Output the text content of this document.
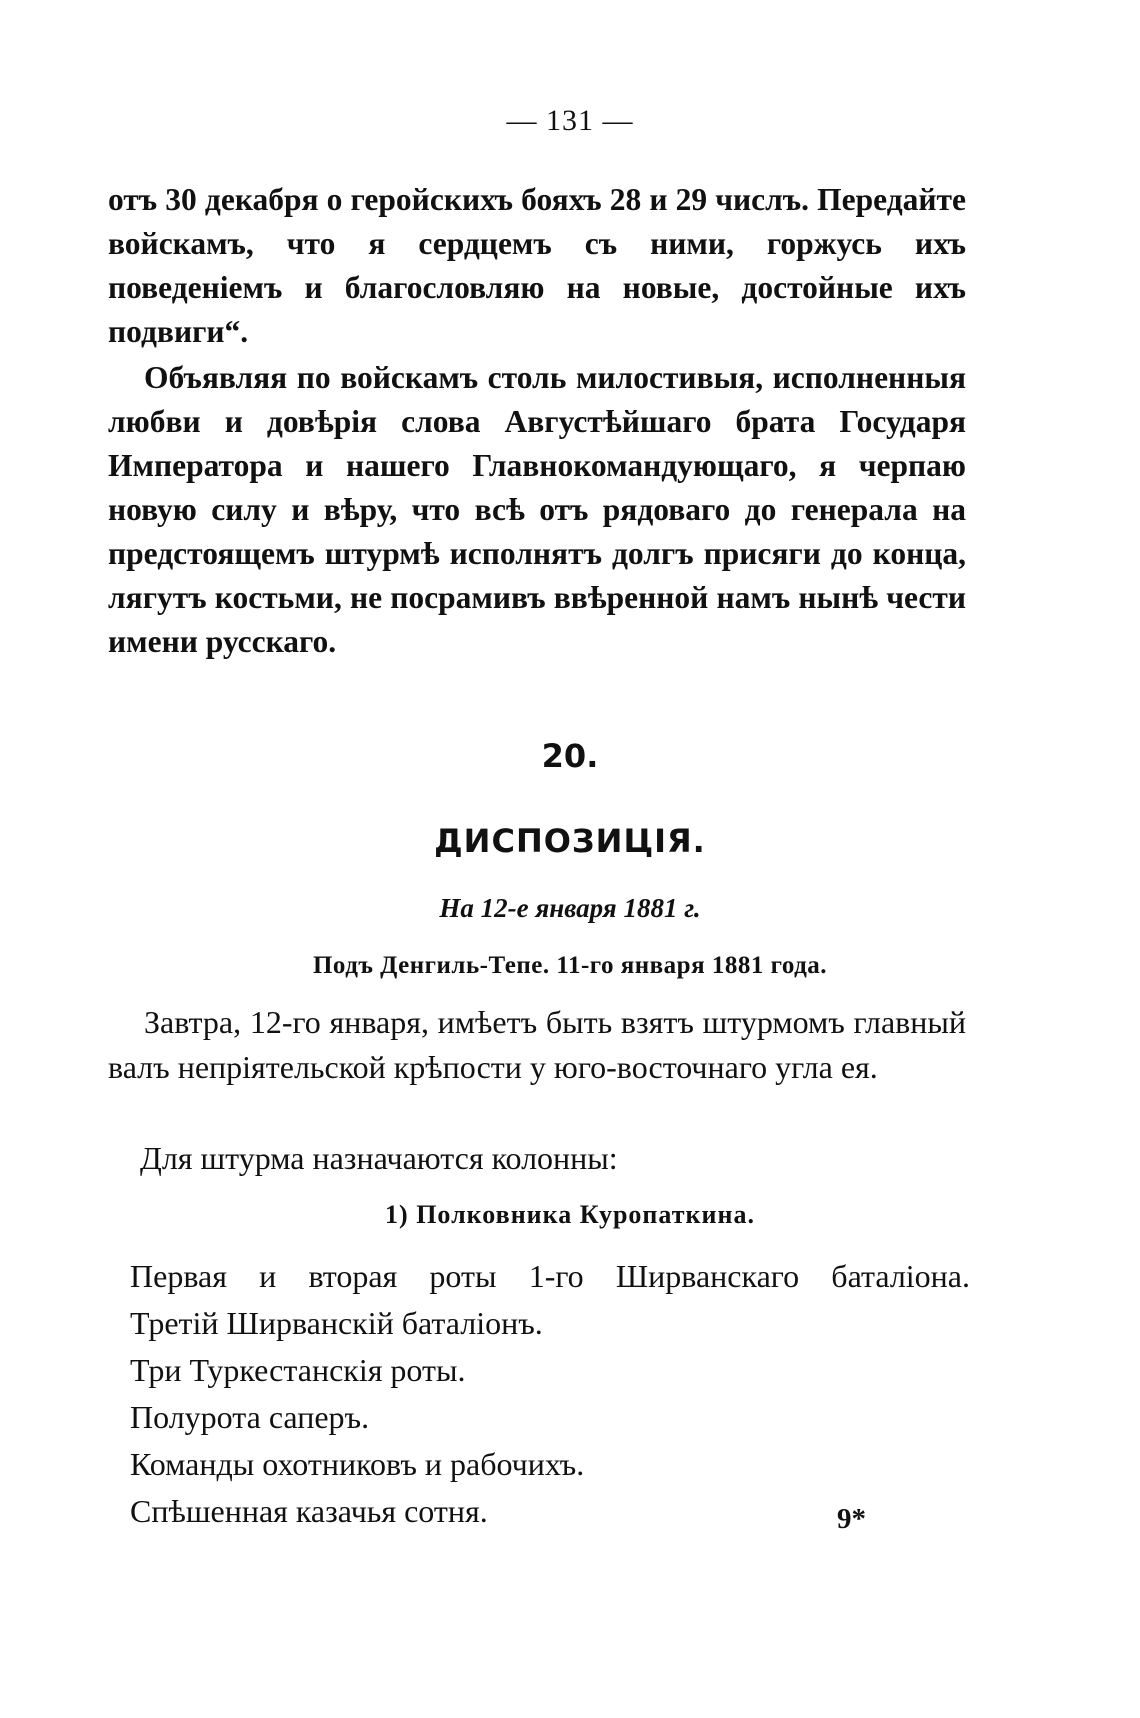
— 131 —
отъ 30 декабря о геройскихъ бояхъ 28 и 29 числъ. Передайте войскамъ, что я сердцемъ съ ними, горжусь ихъ поведеніемъ и благословляю на новые, достойные ихъ подвиги“.
Объявляя по войскамъ столь милостивыя, исполненныя любви и довѣрія слова Августѣйшаго брата Государя Императора и нашего Главнокомандующаго, я черпаю новую силу и вѣру, что всѣ отъ рядоваго до генерала на предстоящемъ штурмѣ исполнятъ долгъ присяги до конца, лягутъ костьми, не посрамивъ ввѣренной намъ нынѣ чести имени русскаго.
20.
ДИСПОЗИЦІЯ.
На 12-е января 1881 г.
Подъ Денгиль-Тепе. 11-го января 1881 года.
Завтра, 12-го января, имѣетъ быть взятъ штурмомъ главный валъ непріятельской крѣпости у юго-восточнаго угла ея.
Для штурма назначаются колонны:
1) Полковника Куропаткина.
Первая и вторая роты 1-го Ширванскаго баталіона.
Третій Ширванскій баталіонъ.
Три Туркестанскія роты.
Полурота саперъ.
Команды охотниковъ и рабочихъ.
Спѣшенная казачья сотня.	9*
